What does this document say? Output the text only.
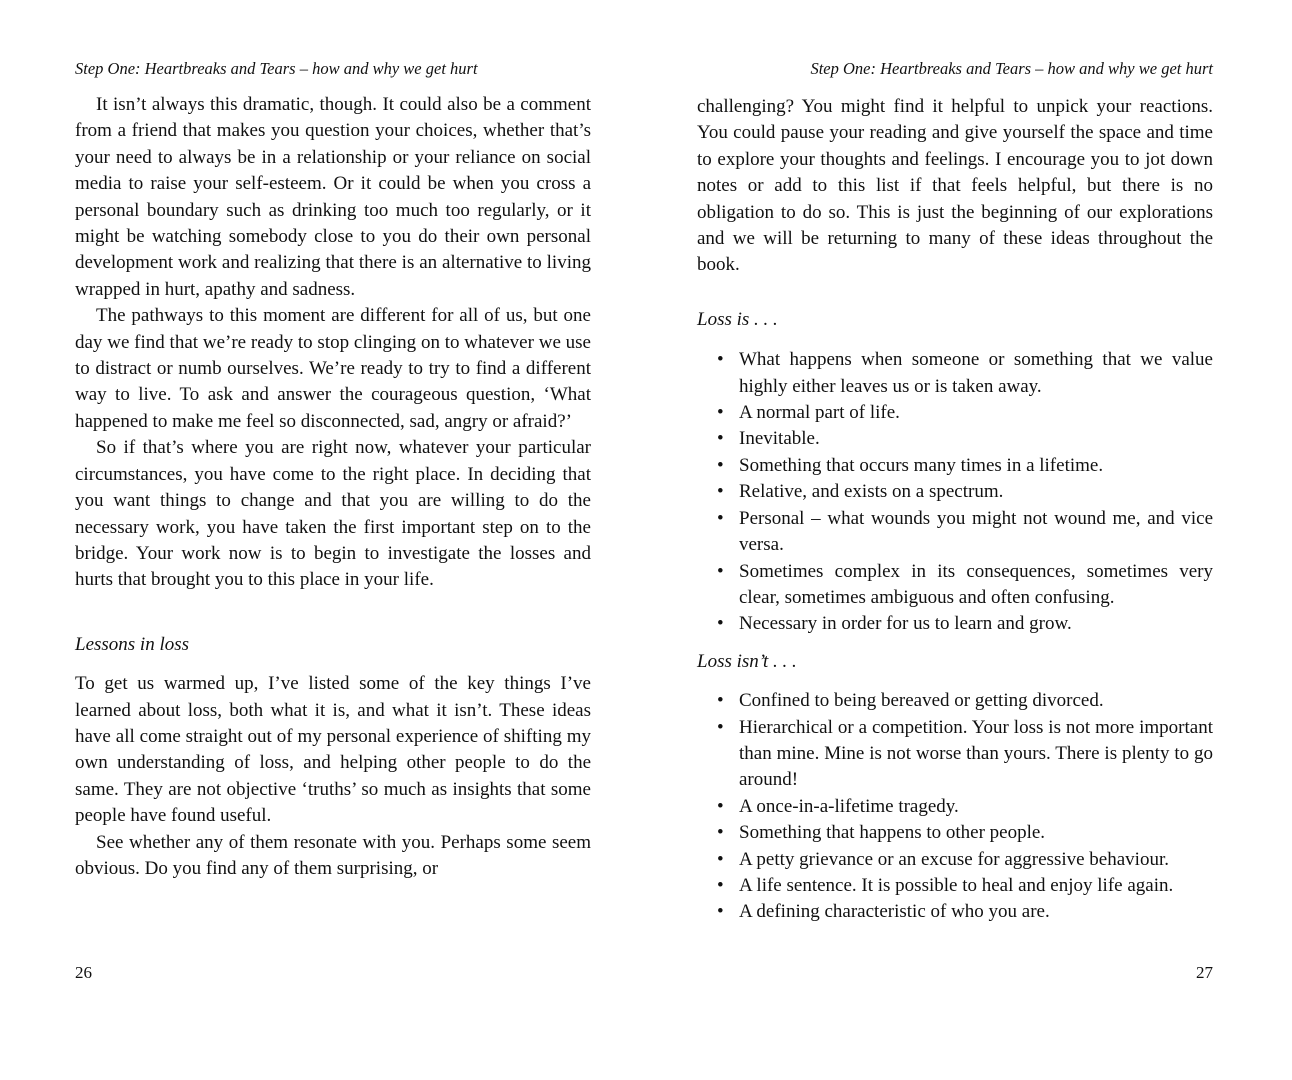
Step One: Heartbreaks and Tears – how and why we get hurt

It isn’t always this dramatic, though. It could also be a comment from a friend that makes you question your choices, whether that’s your need to always be in a relationship or your reliance on social media to raise your self-esteem. Or it could be when you cross a personal boundary such as drinking too much too regularly, or it might be watching somebody close to you do their own personal development work and realizing that there is an alternative to living wrapped in hurt, apathy and sadness.

The pathways to this moment are different for all of us, but one day we find that we’re ready to stop clinging on to whatever we use to distract or numb ourselves. We’re ready to try to find a different way to live. To ask and answer the courageous question, ‘What happened to make me feel so disconnected, sad, angry or afraid?’

So if that’s where you are right now, whatever your particular circumstances, you have come to the right place. In deciding that you want things to change and that you are willing to do the necessary work, you have taken the first important step on to the bridge. Your work now is to begin to investigate the losses and hurts that brought you to this place in your life.

Lessons in loss

To get us warmed up, I’ve listed some of the key things I’ve learned about loss, both what it is, and what it isn’t. These ideas have all come straight out of my personal experience of shifting my own understanding of loss, and helping other people to do the same. They are not objective ‘truths’ so much as insights that some people have found useful.

See whether any of them resonate with you. Perhaps some seem obvious. Do you find any of them surprising, or

26
Step One: Heartbreaks and Tears – how and why we get hurt

challenging? You might find it helpful to unpick your reactions. You could pause your reading and give yourself the space and time to explore your thoughts and feelings. I encourage you to jot down notes or add to this list if that feels helpful, but there is no obligation to do so. This is just the beginning of our explorations and we will be returning to many of these ideas throughout the book.

Loss is . . .

• What happens when someone or something that we value highly either leaves us or is taken away.
• A normal part of life.
• Inevitable.
• Something that occurs many times in a lifetime.
• Relative, and exists on a spectrum.
• Personal – what wounds you might not wound me, and vice versa.
• Sometimes complex in its consequences, sometimes very clear, sometimes ambiguous and often confusing.
• Necessary in order for us to learn and grow.

Loss isn’t . . .

• Confined to being bereaved or getting divorced.
• Hierarchical or a competition. Your loss is not more important than mine. Mine is not worse than yours. There is plenty to go around!
• A once-in-a-lifetime tragedy.
• Something that happens to other people.
• A petty grievance or an excuse for aggressive behaviour.
• A life sentence. It is possible to heal and enjoy life again.
• A defining characteristic of who you are.
27
